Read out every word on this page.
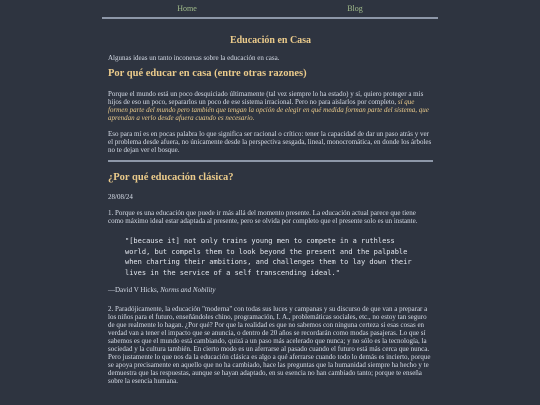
Home	Blog
Educación en Casa

Algunas ideas un tanto inconexas sobre la educación en casa.

Por qué educar en casa (entre otras razones)

Porque el mundo está un poco desquiciado últimamente (tal vez siempre lo ha estado) y sí, quiero proteger a mis hijos de eso un poco, separarlos un poco de ese sistema irracional. Pero no para aislarlos por completo, sí que formen parte del mundo pero también que tengan la opción de elegir en qué medida forman parte del sistema, que aprendan a verlo desde afuera cuando es necesario.

Eso para mí es en pocas palabra lo que significa ser racional o crítico: tener la capacidad de dar un paso atrás y ver el problema desde afuera, no únicamente desde la perspectiva sesgada, lineal, monocromática, en donde los árboles no te dejan ver el bosque.

¿Por qué educación clásica?

28/08/24

1. Porque es una educación que puede ir más allá del momento presente. La educación actual parece que tiene como máximo ideal estar adaptada al presente, pero se olvida por completo que el presente solo es un instante.

"[because it] not only trains young men to compete in a ruthless world, but compels them to look beyond the present and the palpable when charting their ambitions, and challenges them to lay down their lives in the service of a self transcending ideal."

—David V Hicks, Norms and Nobility

2. Paradójicamente, la educación "moderna" con todas sus luces y campanas y su discurso de que van a preparar a los niños para el futuro, enseñándoles chino, programación, I. A., problemáticas sociales, etc., no estoy tan seguro de que realmente lo hagan. ¿Por qué? Por que la realidad es que no sabemos con ninguna certeza si esas cosas en verdad van a tener el impacto que se anuncia, o dentro de 20 años se recordarán como modas pasajeras. Lo que sí sabemos es que el mundo está cambiando, quizá a un paso más acelerado que nunca; y no sólo es la tecnología, la sociedad y la cultura también. En cierto modo es un aferrarse al pasado cuando el futuro está más cerca que nunca. Pero justamente lo que nos da la educación clásica es algo a qué aferrarse cuando todo lo demás es incierto, porque se apoya precisamente en aquello que no ha cambiado, hace las preguntas que la humanidad siempre ha hecho y te demuestra que las respuestas, aunque se hayan adaptado, en su esencia no han cambiado tanto; porque te enseña sobre la esencia humana.
